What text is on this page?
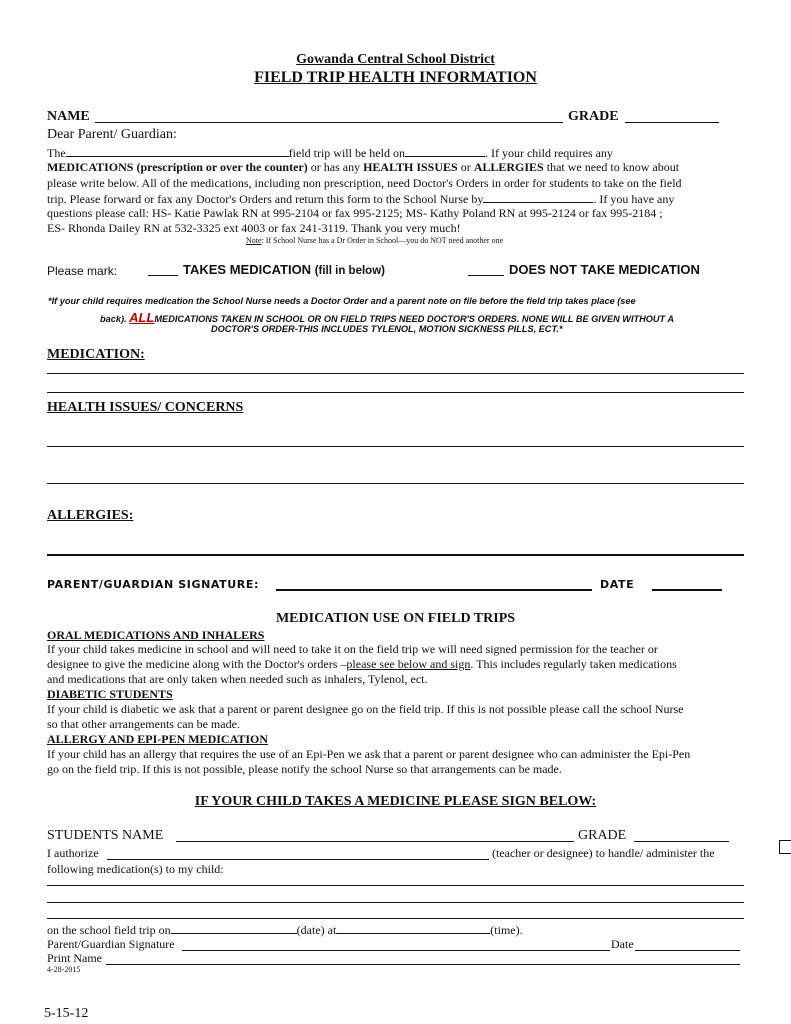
Gowanda Central School District
FIELD TRIP HEALTH INFORMATION
NAME	GRADE
Dear Parent/ Guardian:
The	field trip will be held on	. If your child requires any
MEDICATIONS (prescription or over the counter) or has any HEALTH ISSUES or ALLERGIES that we need to know about
please write below. All of the medications, including non prescription, need Doctor's Orders in order for students to take on the field
trip. Please forward or fax any Doctor's Orders and return this form to the School Nurse by	. If you have any
questions please call: HS- Katie Pawlak RN at 995-2104 or fax 995-2125; MS- Kathy Poland RN at 995-2124 or fax 995-2184 ;
ES- Rhonda Dailey RN at 532-3325 ext 4003 or fax 241-3119. Thank you very much!
Note: If School Nurse has a Dr Order in School—you do NOT need another one
Please mark:	TAKES MEDICATION (fill in below)	DOES NOT TAKE MEDICATION
*If your child requires medication the School Nurse needs a Doctor Order and a parent note on file before the field trip takes place (see
back). ALLMEDICATIONS TAKEN IN SCHOOL OR ON FIELD TRIPS NEED DOCTOR'S ORDERS. NONE WILL BE GIVEN WITHOUT A
DOCTOR'S ORDER-THIS INCLUDES TYLENOL, MOTION SICKNESS PILLS, ECT.*
MEDICATION:
HEALTH ISSUES/ CONCERNS
ALLERGIES:
PARENT/GUARDIAN SIGNATURE:	DATE
MEDICATION USE ON FIELD TRIPS
ORAL MEDICATIONS AND INHALERS
If your child takes medicine in school and will need to take it on the field trip we will need signed permission for the teacher or
designee to give the medicine along with the Doctor's orders –please see below and sign. This includes regularly taken medications
and medications that are only taken when needed such as inhalers, Tylenol, ect.
DIABETIC STUDENTS
If your child is diabetic we ask that a parent or parent designee go on the field trip. If this is not possible please call the school Nurse
so that other arrangements can be made.
ALLERGY AND EPI-PEN MEDICATION
If your child has an allergy that requires the use of an Epi-Pen we ask that a parent or parent designee who can administer the Epi-Pen
go on the field trip. If this is not possible, please notify the school Nurse so that arrangements can be made.
IF YOUR CHILD TAKES A MEDICINE PLEASE SIGN BELOW:
STUDENTS NAME	GRADE
I authorize	(teacher or designee) to handle/ administer the
following medication(s) to my child:
on the school field trip on	(date) at	(time).
Parent/Guardian Signature	Date
Print Name
4-28-2015
5-15-12
